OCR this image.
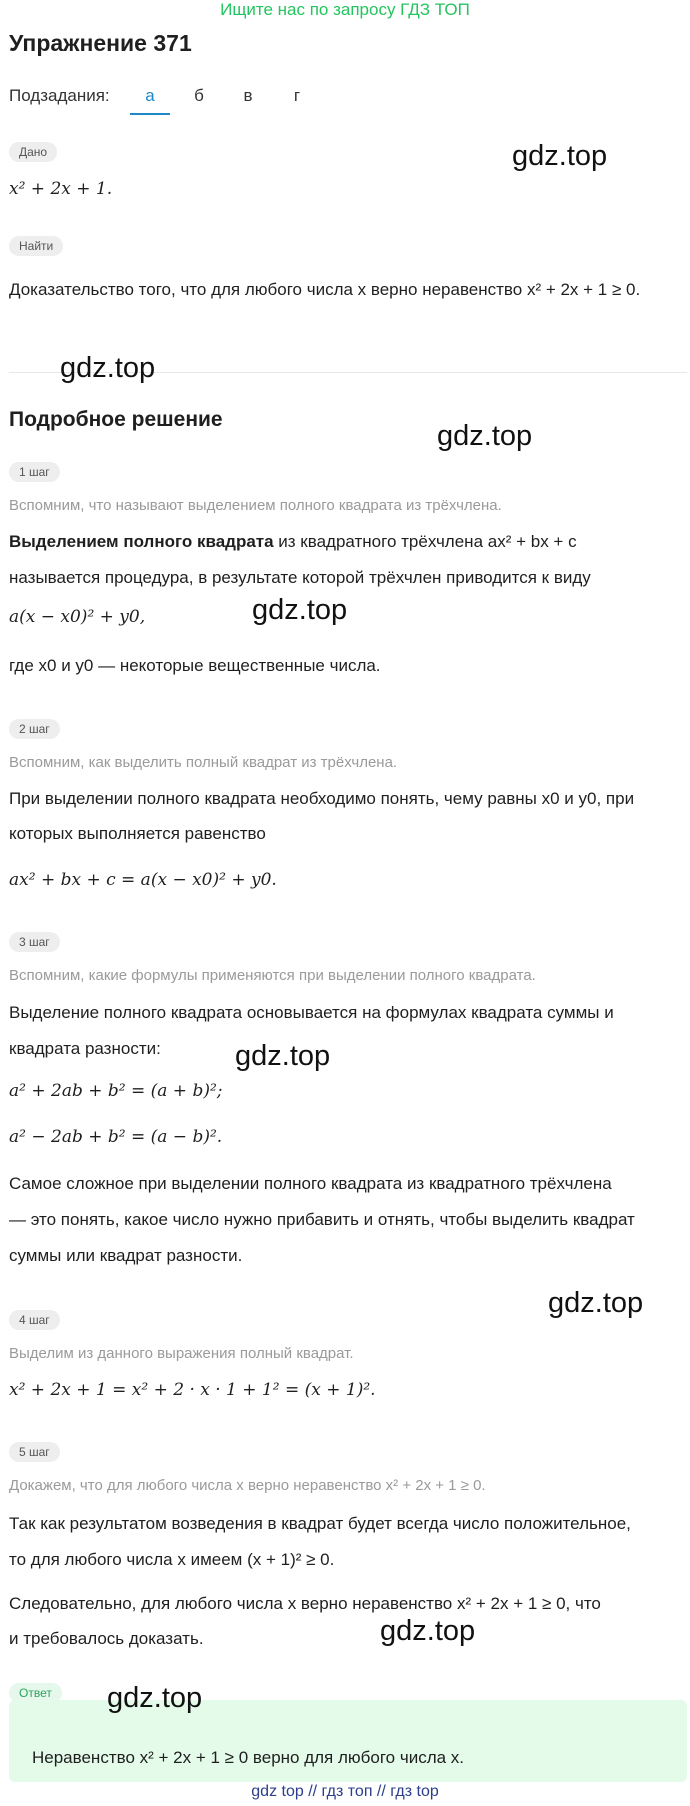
Ищите нас по запросу ГДЗ ТОП
Упражнение 371
Подзадания:	а	б	в	г
Дано
x² + 2x + 1.
Найти
Доказательство того, что для любого числа x верно неравенство x² + 2x + 1 ≥ 0.
Подробное решение
1 шаг
Вспомним, что называют выделением полного квадрата из трёхчлена.
Выделением полного квадрата из квадратного трёхчлена ax² + bx + c
называется процедура, в результате которой трёхчлен приводится к виду
a(x − x0)² + y0,
где x0 и y0 — некоторые вещественные числа.
2 шаг
Вспомним, как выделить полный квадрат из трёхчлена.
При выделении полного квадрата необходимо понять, чему равны x0 и y0, при
которых выполняется равенство
ax² + bx + c = a(x − x0)² + y0.
3 шаг
Вспомним, какие формулы применяются при выделении полного квадрата.
Выделение полного квадрата основывается на формулах квадрата суммы и
квадрата разности:
a² + 2ab + b² = (a + b)²;
a² − 2ab + b² = (a − b)².
Самое сложное при выделении полного квадрата из квадратного трёхчлена
— это понять, какое число нужно прибавить и отнять, чтобы выделить квадрат
суммы или квадрат разности.
4 шаг
Выделим из данного выражения полный квадрат.
x² + 2x + 1 = x² + 2 · x · 1 + 1² = (x + 1)².
5 шаг
Докажем, что для любого числа x верно неравенство x² + 2x + 1 ≥ 0.
Так как результатом возведения в квадрат будет всегда число положительное,
то для любого числа x имеем (x + 1)² ≥ 0.
Следовательно, для любого числа x верно неравенство x² + 2x + 1 ≥ 0, что
и требовалось доказать.
Ответ
Неравенство x² + 2x + 1 ≥ 0 верно для любого числа x.
gdz.top
gdz.top
gdz.top
gdz.top
gdz.top
gdz.top
gdz.top
gdz.top
gdz top // гдз топ // гдз top
